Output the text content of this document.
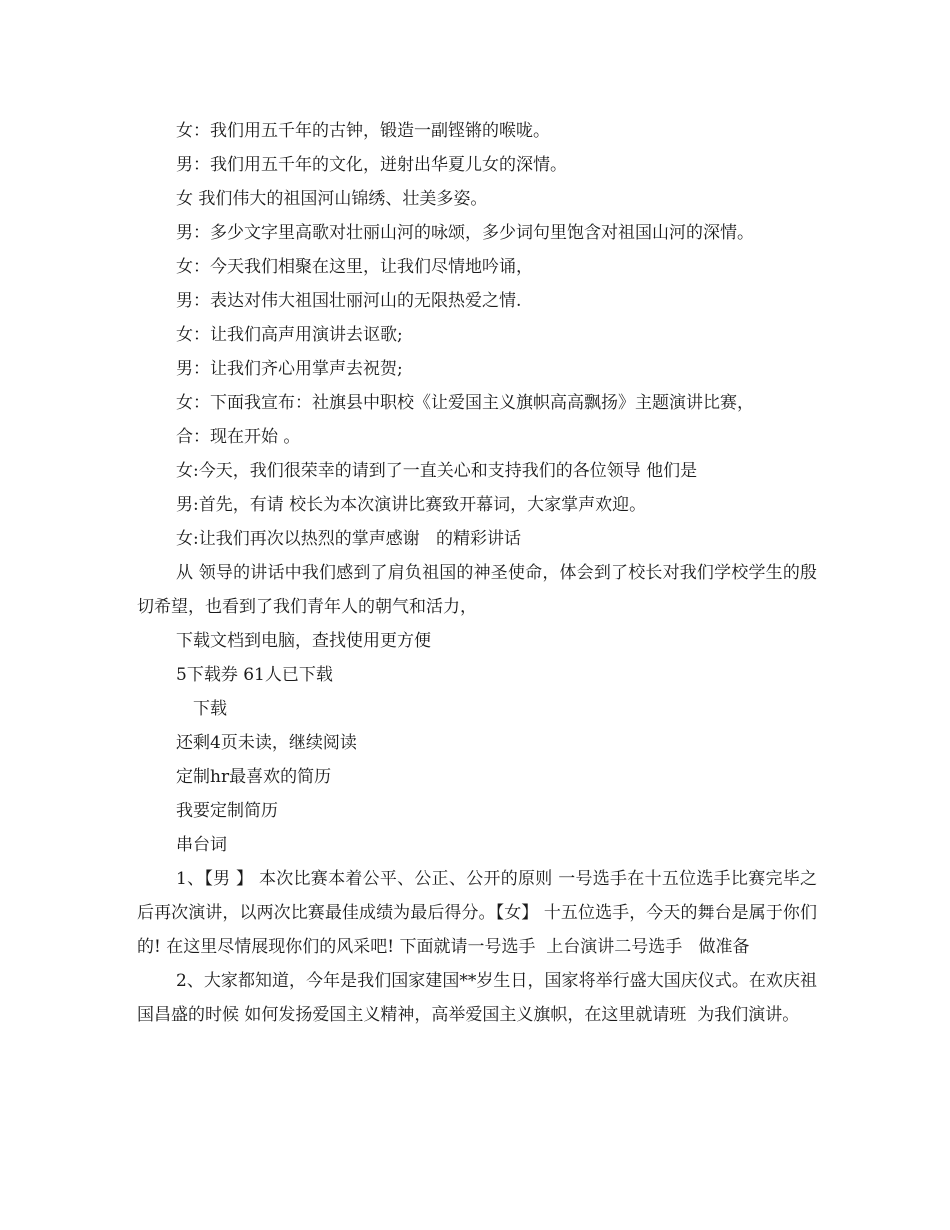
女：我们用五千年的古钟，锻造一副铿锵的喉咙。
男：我们用五千年的文化，迸射出华夏儿女的深情。
女 我们伟大的祖国河山锦绣、壮美多姿。
男：多少文字里高歌对壮丽山河的咏颂，多少词句里饱含对祖国山河的深情。
女：今天我们相聚在这里，让我们尽情地吟诵，
男：表达对伟大祖国壮丽河山的无限热爱之情.
女：让我们高声用演讲去讴歌;
男：让我们齐心用掌声去祝贺;
女：下面我宣布：社旗县中职校《让爱国主义旗帜高高飘扬》主题演讲比赛，
合：现在开始 。
女:今天，我们很荣幸的请到了一直关心和支持我们的各位领导 他们是
男:首先，有请 校长为本次演讲比赛致开幕词，大家掌声欢迎。
女:让我们再次以热烈的掌声感谢   的精彩讲话
从 领导的讲话中我们感到了肩负祖国的神圣使命，体会到了校长对我们学校学生的殷切希望，也看到了我们青年人的朝气和活力，
下载文档到电脑，查找使用更方便
5下载券 61人已下载
下载
还剩4页未读，继续阅读
定制hr最喜欢的简历
我要定制简历
串台词
1、【男 】 本次比赛本着公平、公正、公开的原则 一号选手在十五位选手比赛完毕之后再次演讲，以两次比赛最佳成绩为最后得分。【女】 十五位选手，今天的舞台是属于你们的! 在这里尽情展现你们的风采吧! 下面就请一号选手  上台演讲二号选手   做准备
2、大家都知道，今年是我们国家建国**岁生日，国家将举行盛大国庆仪式。在欢庆祖国昌盛的时候 如何发扬爱国主义精神，高举爱国主义旗帜，在这里就请班  为我们演讲。
